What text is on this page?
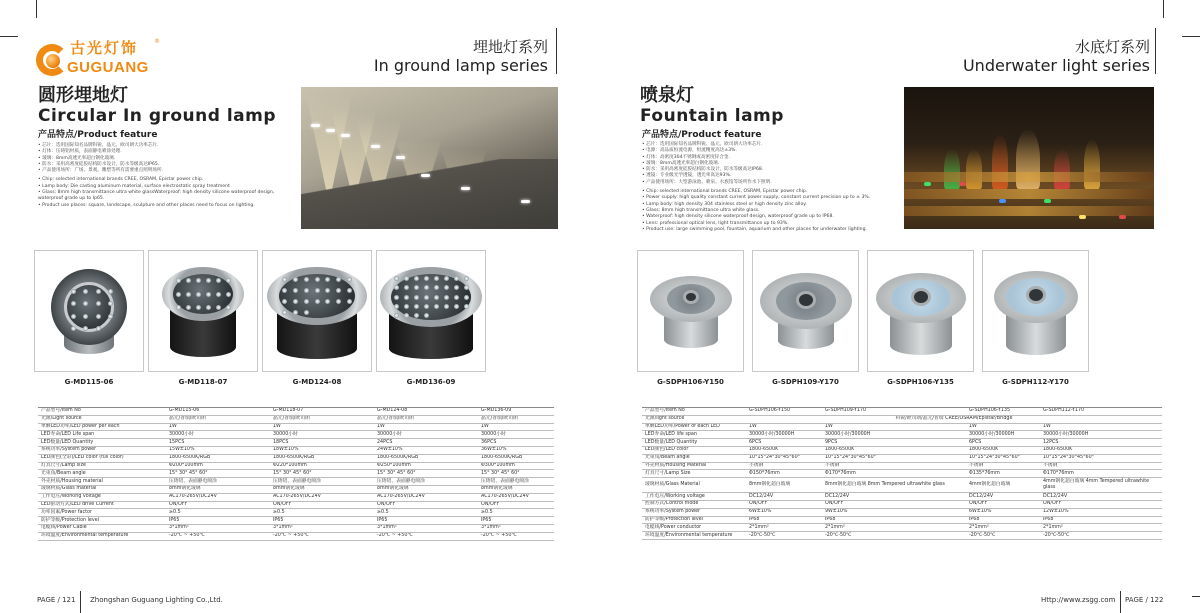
古光灯饰
GUGUANG
®	埋地灯系列
In ground lamp series
圆形埋地灯
Circular In ground lamp
产品特点/Product feature
• 芯片：选用国际知名品牌科锐、晶元、欧司朗大功率芯片.
• 灯体：压铸铝材质，表面静电喷涂处理.
• 玻璃：8mm高透光率超白钢化玻璃.
• 防水：采用高密度硅胶结构防水设计，防水等级高达IP65.
• 产品使用场所：广场、景观、雕塑等所有需要重点照明场所.
• Chip: selected international brands CREE, OSRAM, Epistar power chip.
• Lamp body: Die casting aluminum material, surface electrostatic spray treatment
• Glass: 8mm high transmittance ultra white glassWaterproof: high density silicone waterproof design, waterproof grade up to Ip65.
• Product use places: square, landscape, sculpture and other places need to focus on lighting.
G-MD115-06	G-MD118-07	G-MD124-08	G-MD136-09
产品型号/Item No	G-MD115-06	G-MD118-07	G-MD124-08	G-MD136-09
光源/Light source	晶元/普瑞/欧司朗	晶元/普瑞/欧司朗	晶元/普瑞/欧司朗	晶元/普瑞/欧司朗
单颗LED功率/LED power per each	1W	1W	1W	1W
LED寿命/LED Life span	30000小时	30000小时	30000小时	30000小时
LED数量/LED Quantity	15PCS	18PCS	24PCS	36PCS
系统功率/System power	15W±10%	18W±10%	24W±10%	36W±10%
LED颜色(全彩)/LED color (full color)	1800-6500K/RGB	1800-6500K/RGB	1800-6500K/RGB	1800-6500K/RGB
灯具尺寸/Lamp size	Φ200*100mm	Φ220*100mm	Φ250*100mm	Φ300*100mm
光束角/Beam angle	15° 30° 45° 60°	15° 30° 45° 60°	15° 30° 45° 60°	15° 30° 45° 60°
外壳材质/Housing material	压铸铝、表面静电喷涂	压铸铝、表面静电喷涂	压铸铝、表面静电喷涂	压铸铝、表面静电喷涂
玻璃材质/Glass material	8mm钢化玻璃	8mm钢化玻璃	8mm钢化玻璃	8mm钢化玻璃
工作电压/Working voltage	AC170-265V/DC24V	AC170-265V/DC24V	AC170-265V/DC24V	AC170-265V/DC24V
LED驱动方式/LED drive Current	ON/OFF	ON/OFF	ON/OFF	ON/OFF
功率因素/Power factor	≥0.5	≥0.5	≥0.5	≥0.5
防护等级/Protection level	IP65	IP65	IP65	IP65
电缆线/Power Cable	3*1mm²	3*1mm²	3*1mm²	3*1mm²
环境温度/Environmental temperature	-20℃ ~ +50℃	-20℃ ~ +50℃	-20℃ ~ +50℃	-20℃ ~ +50℃
PAGE / 121 Zhongshan Guguang Lighting Co.,Ltd.
水底灯系列
Underwater light series
喷泉灯
Fountain lamp
产品特点/Product feature
• 芯片：选用国际知名品牌科锐、晶元、欧司朗大功率芯片.
• 电源：高品质恒流电源，恒流精度高达±3%.
• 灯体：高密度304不锈钢或高密度锌合金.
• 玻璃：8mm高透光率超白钢化玻璃.
• 防水：采用高密度硅胶结构防水设计，防水等级高达IP68.
• 透镜：专业级光学透镜，透光率高达93%.
• 产品使用场所：大型游泳池、喷泉、水族馆等场所作水下照明.
• Chip: selected international brands CREE, OSRAM, Epistar power chip.
• Power supply: high quality constant current power supply, constant current precision up to ± 3%.
• Lamp body: high density 304 stainless steel or high density zinc alloy.
• Glass: 8mm high transmittance ultra white glass.
• Waterproof: high density silicone waterproof design, waterproof grade up to IP68.
• Lens: professional optical lens, light transmittance up to 93%.
• Product use: large swimming pool, fountain, aquarium and other places for underwater lighting.
G-SDPH106-Y150	G-SDPH109-Y170	G-SDPH106-Y135	G-SDPH112-Y170
产品型号/Item No	G-SDPH106-Y150	G-SDPH109-Y170	G-SDPH106-Y135	G-SDPH112-Y170
光源/light source	科锐/欧司朗/晶元/普瑞 CREE/OSRAM/Epistar/Bridge			
单颗LED功率/Power of each LED	1W	1W	1W	1W
LED寿命/LED life span	30000小时/30000H	30000小时/30000H	30000小时/30000H	30000小时/30000H
LED数量/LED Quantity	6PCS	9PCS	6PCS	12PCS
LED颜色/LED color	1800-6500K	1800-6500K	1800-6500K	1800-6500K
光束角/Beam angle	10°15°24°30°45°60°	10°15°24°30°45°60°	10°15°24°30°45°60°	10°15°24°30°45°60°
外壳材质/Housing Material	不锈钢	不锈钢	不锈钢	不锈钢
灯具尺寸/Lamp Size	Φ150*76mm	Φ170*76mm	Φ135*76mm	Φ170*76mm
玻璃材质/Glass Material	8mm钢化超白玻璃	8mm钢化超白玻璃 8mm Tempered ultrawhite glass	4mm钢化超白玻璃	4mm钢化超白玻璃 4mm Tempered ultrawhite glass
工作电压/Working voltage	DC12/24V	DC12/24V	DC12/24V	DC12/24V
控制方式/Control mode	ON/OFF	ON/OFF	ON/OFF	ON/OFF
系统功率/System power	6W±10%	9W±10%	6W±10%	12W±10%
防护等级/Protection level	IP68	IP68	IP68	IP68
电缆线/Power conductor	2*1mm²	2*1mm²	2*1mm²	2*1mm²
环境温度/Environmental temperature	-20℃-50℃	-20℃-50℃	-20℃-50℃	-20℃-50℃
Http://www.zsgg.com PAGE / 122
